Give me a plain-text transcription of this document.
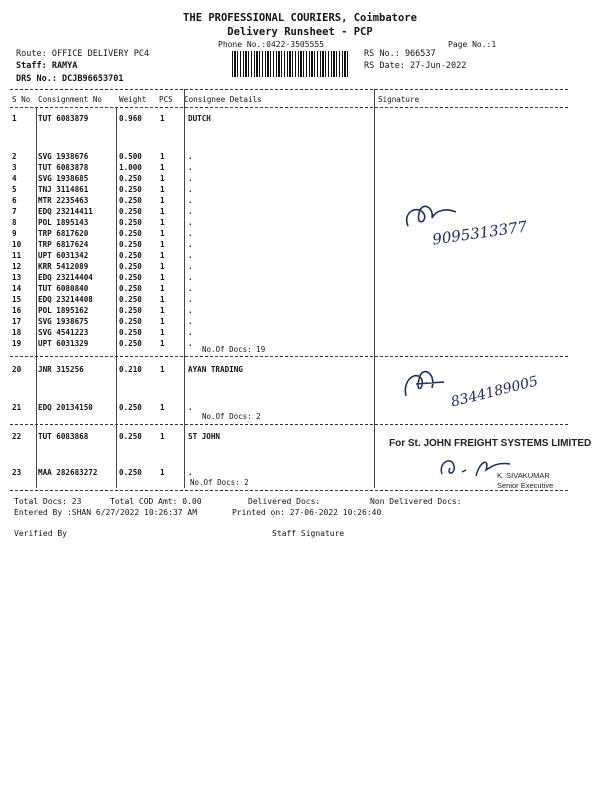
THE PROFESSIONAL COURIERS, Coimbatore
Delivery Runsheet - PCP
Phone No.:0422-3505555	Page No.:1
Route: OFFICE DELIVERY PC4
Staff: RAMYA
DRS No.: DCJB96653701
RS No.: 966537
RS Date: 27-Jun-2022
S No Consignment No Weight PCS Consignee Details	Signature
1	TUT 6083879	0.960 1	DUTCH
2	SVG 1938676	0.500 1	.
3	TUT 6083878	1.000 1	.
4	SVG 1938685	0.250 1	.
5	TNJ 3114861	0.250 1	.
6	MTR 2235463	0.250 1	.
7	EDQ 23214411	0.250 1	.
8	POL 1895143	0.250 1	.
9	TRP 6817620	0.250 1	.
10 TRP 6817624	0.250 1	.
11 UPT 6031342	0.250 1	.
12 KRR 5412089	0.250 1	.
13 EDQ 23214404	0.250 1	.
14 TUT 6080840	0.250 1	.
15 EDQ 23214408	0.250 1	.
16 POL 1895162	0.250 1	.
17 SVG 1938675	0.250 1	.
18 SVG 4541223	0.250 1	.
19 UPT 6031329	0.250 1	.
No.Of Docs: 19
20 JNR 315256	0.210 1	AYAN TRADING
21 EDQ 20134150	0.250 1	.
No.Of Docs: 2
22 TUT 6083868	0.250 1	ST JOHN
23 MAA 282683272	0.250 1	.
No.Of Docs: 2
9095313377
8344189005
For St. JOHN FREIGHT SYSTEMS LIMITED
K. SIVAKUMAR
Senior Executive
Total Docs: 23	Total COD Amt: 0.00	Delivered Docs:	Non Delivered Docs:
Entered By :SHAN 6/27/2022 10:26:37 AM	Printed on: 27-06-2022 10:26:40
Verified By	Staff Signature
